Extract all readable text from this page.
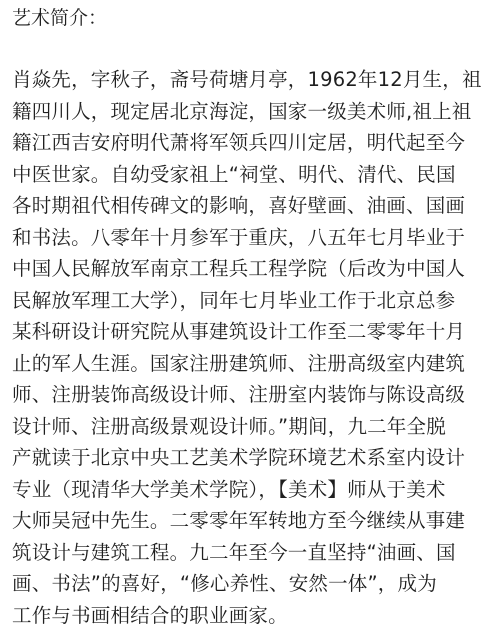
艺术简介：
肖焱先，字秋子，斋号荷塘月亭，1962年12月生，祖
籍四川人，现定居北京海淀，国家一级美术师,祖上祖
籍江西吉安府明代萧将军领兵四川定居，明代起至今
中医世家。自幼受家祖上“祠堂、明代、清代、民国
各时期祖代相传碑文的影响，喜好壁画、油画、国画
和书法。八零年十月参军于重庆，八五年七月毕业于
中国人民解放军南京工程兵工程学院（后改为中国人
民解放军理工大学），同年七月毕业工作于北京总参
某科研设计研究院从事建筑设计工作至二零零年十月
止的军人生涯。国家注册建筑师、注册高级室内建筑
师、注册装饰高级设计师、注册室内装饰与陈设高级
设计师、注册高级景观设计师。”期间，九二年全脱
产就读于北京中央工艺美术学院环境艺术系室内设计
专业（现清华大学美术学院），【美术】师从于美术
大师吴冠中先生。二零零年军转地方至今继续从事建
筑设计与建筑工程。九二年至今一直坚持“油画、国
画、书法”的喜好，“修心养性、安然一体”，成为
工作与书画相结合的职业画家。
